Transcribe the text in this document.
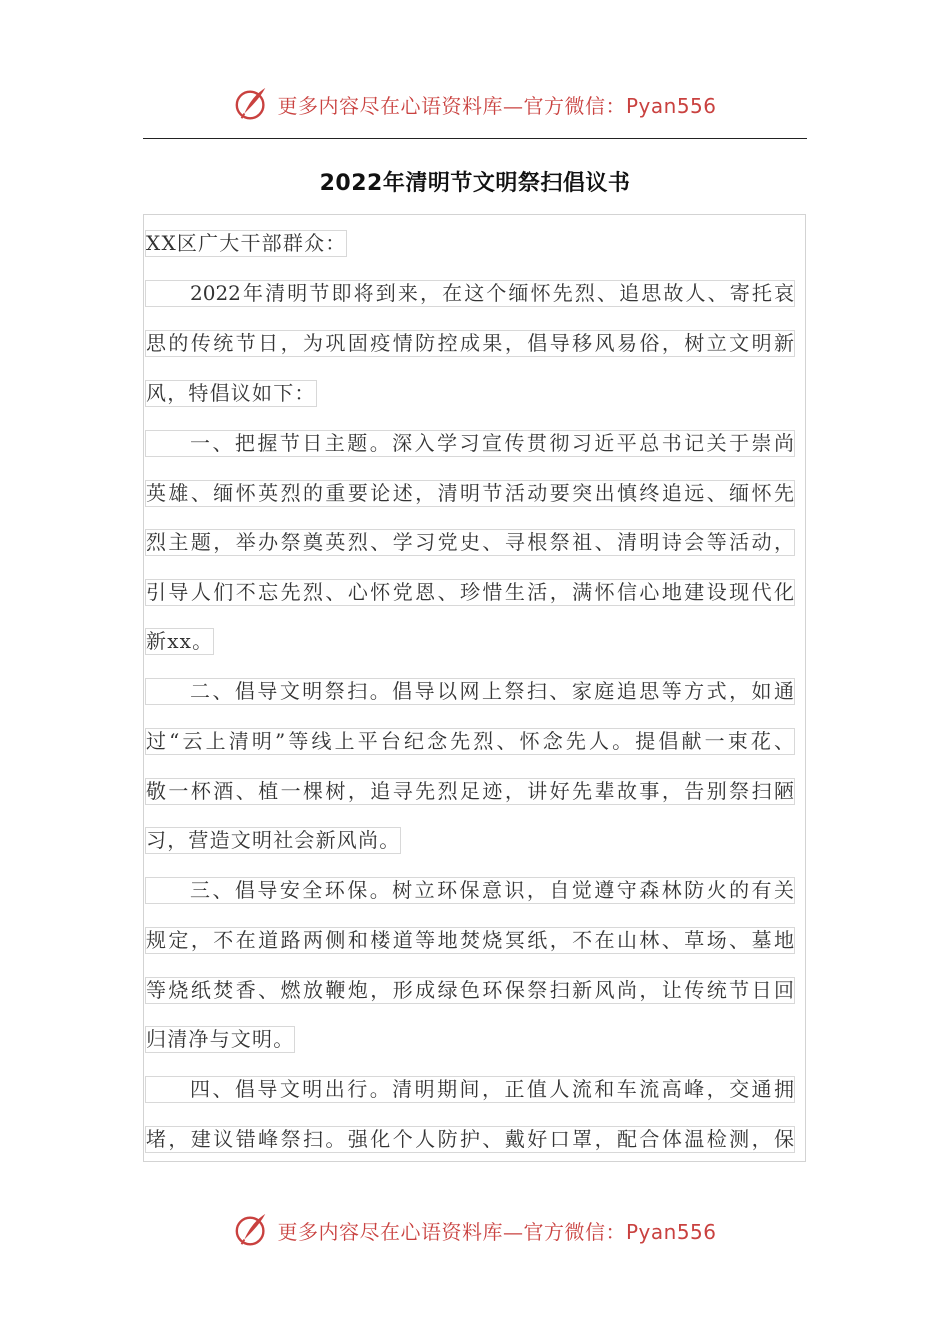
更多内容尽在心语资料库—官方微信：Pyan556
2022年清明节文明祭扫倡议书
XX区广大干部群众：
2022年清明节即将到来，在这个缅怀先烈、追思故人、寄托哀
思的传统节日，为巩固疫情防控成果，倡导移风易俗，树立文明新
风，特倡议如下：
一、把握节日主题。深入学习宣传贯彻习近平总书记关于崇尚
英雄、缅怀英烈的重要论述，清明节活动要突出慎终追远、缅怀先
烈主题，举办祭奠英烈、学习党史、寻根祭祖、清明诗会等活动，
引导人们不忘先烈、心怀党恩、珍惜生活，满怀信心地建设现代化
新xx。
二、倡导文明祭扫。倡导以网上祭扫、家庭追思等方式，如通
过“云上清明”等线上平台纪念先烈、怀念先人。提倡献一束花、
敬一杯酒、植一棵树，追寻先烈足迹，讲好先辈故事，告别祭扫陋
习，营造文明社会新风尚。
三、倡导安全环保。树立环保意识，自觉遵守森林防火的有关
规定，不在道路两侧和楼道等地焚烧冥纸，不在山林、草场、墓地
等烧纸焚香、燃放鞭炮，形成绿色环保祭扫新风尚，让传统节日回
归清净与文明。
四、倡导文明出行。清明期间，正值人流和车流高峰，交通拥
堵，建议错峰祭扫。强化个人防护、戴好口罩，配合体温检测，保
更多内容尽在心语资料库—官方微信：Pyan556
